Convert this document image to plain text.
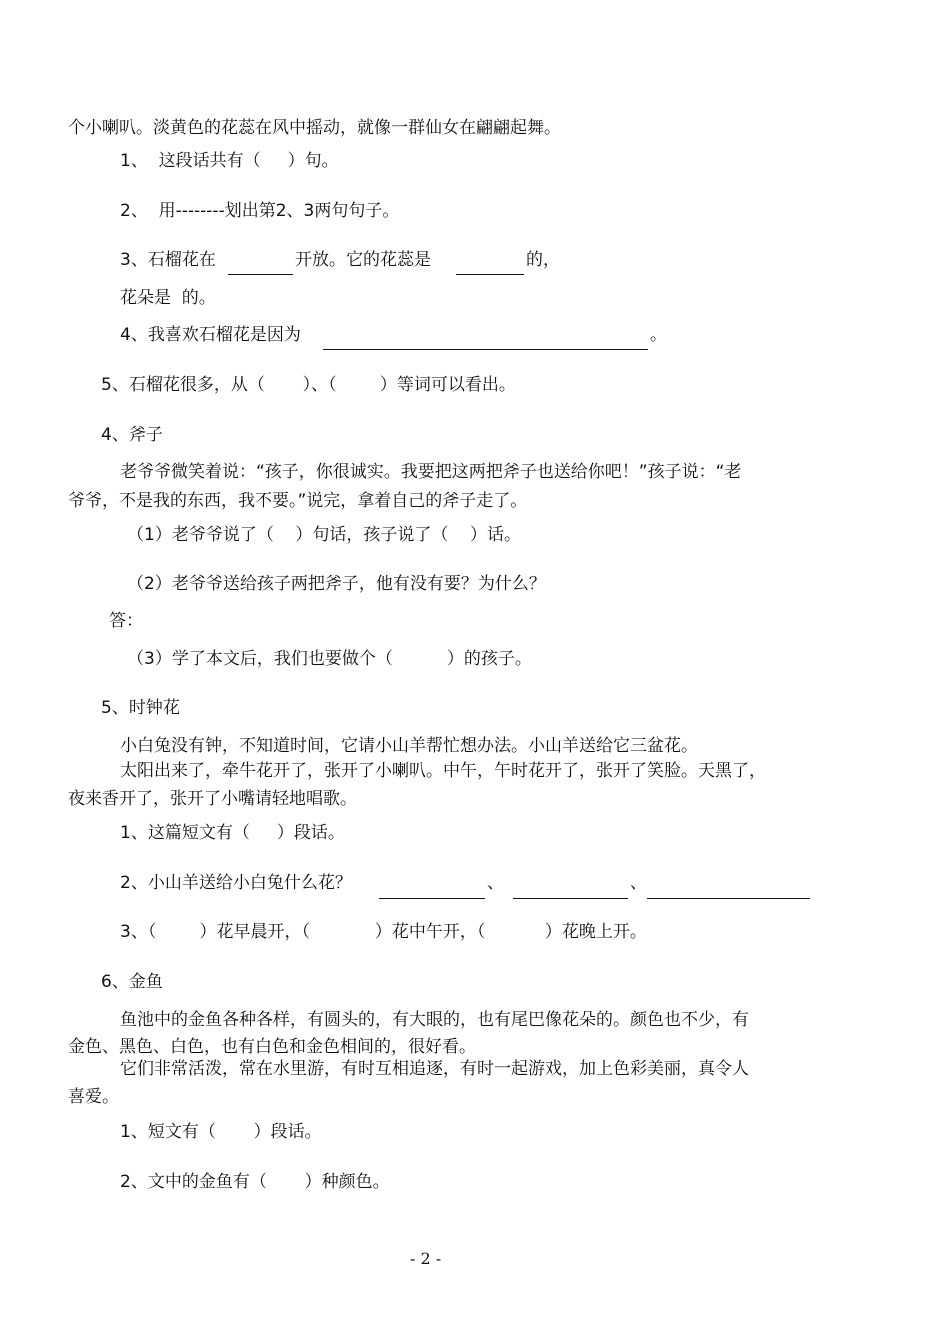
个小喇叭。淡黄色的花蕊在风中摇动，就像一群仙女在翩翩起舞。
1、  这段话共有（     ）句。
2、  用--------划出第2、3两句句子。
3、石榴花在	开放。它的花蕊是	的，
花朵是  的。
4、我喜欢石榴花是因为	。
5、石榴花很多，从（       ）、（        ）等词可以看出。
4、斧子
老爷爷微笑着说：“孩子，你很诚实。我要把这两把斧子也送给你吧！”孩子说：“老
爷爷，不是我的东西，我不要。”说完，拿着自己的斧子走了。
（1）老爷爷说了（    ）句话，孩子说了（    ）话。
（2）老爷爷送给孩子两把斧子，他有没有要？为什么？
答：
（3）学了本文后，我们也要做个（          ）的孩子。
5、时钟花
小白兔没有钟，不知道时间，它请小山羊帮忙想办法。小山羊送给它三盆花。
太阳出来了，牵牛花开了，张开了小喇叭。中午，午时花开了，张开了笑脸。天黑了，
夜来香开了，张开了小嘴请轻地唱歌。
1、这篇短文有（     ）段话。
2、小山羊送给小白兔什么花？	、	、
3、（        ）花早晨开，（            ）花中午开，（           ）花晚上开。
6、金鱼
鱼池中的金鱼各种各样，有圆头的，有大眼的，也有尾巴像花朵的。颜色也不少，有
金色、黑色、白色，也有白色和金色相间的，很好看。
它们非常活泼，常在水里游，有时互相追逐，有时一起游戏，加上色彩美丽，真令人
喜爱。
1、短文有（       ）段话。
2、文中的金鱼有（       ）种颜色。
- 2 -
